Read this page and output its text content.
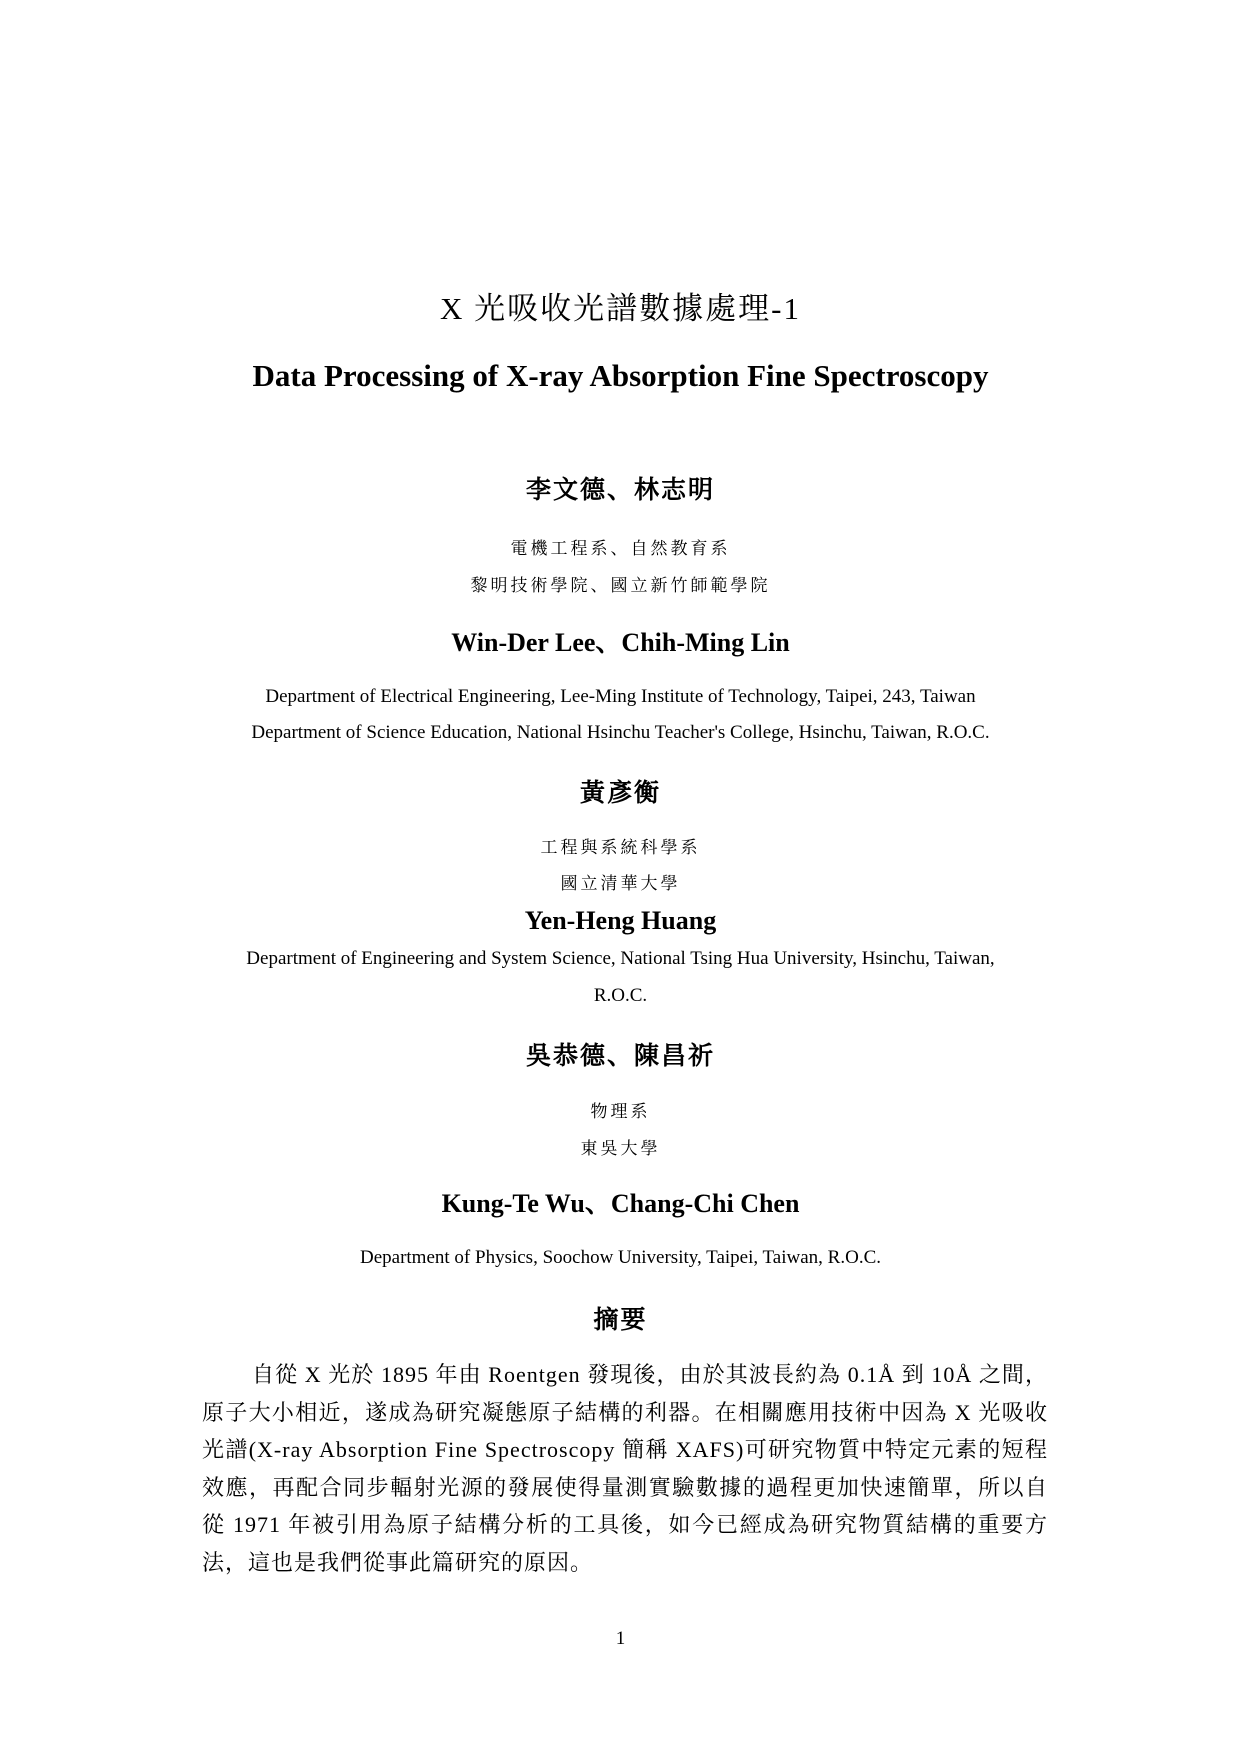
X 光吸收光譜數據處理-1
Data Processing of X-ray Absorption Fine Spectroscopy
李文德、林志明
電機工程系、自然教育系
黎明技術學院、國立新竹師範學院
Win-Der Lee、Chih-Ming Lin
Department of Electrical Engineering, Lee-Ming Institute of Technology, Taipei, 243, Taiwan
Department of Science Education, National Hsinchu Teacher's College, Hsinchu, Taiwan, R.O.C.
黃彥衡
工程與系統科學系
國立清華大學
Yen-Heng Huang
Department of Engineering and System Science, National Tsing Hua University, Hsinchu, Taiwan,
R.O.C.
吳恭德、陳昌祈
物理系
東吳大學
Kung-Te Wu、Chang-Chi Chen
Department of Physics, Soochow University, Taipei, Taiwan, R.O.C.
摘要
自從 X 光於 1895 年由 Roentgen 發現後，由於其波長約為 0.1Å 到 10Å 之間，原子大小相近，遂成為研究凝態原子結構的利器。在相關應用技術中因為 X 光吸收光譜(X-ray Absorption Fine Spectroscopy 簡稱 XAFS)可研究物質中特定元素的短程效應，再配合同步輻射光源的發展使得量測實驗數據的過程更加快速簡單，所以自從 1971 年被引用為原子結構分析的工具後，如今已經成為研究物質結構的重要方法，這也是我們從事此篇研究的原因。
1
